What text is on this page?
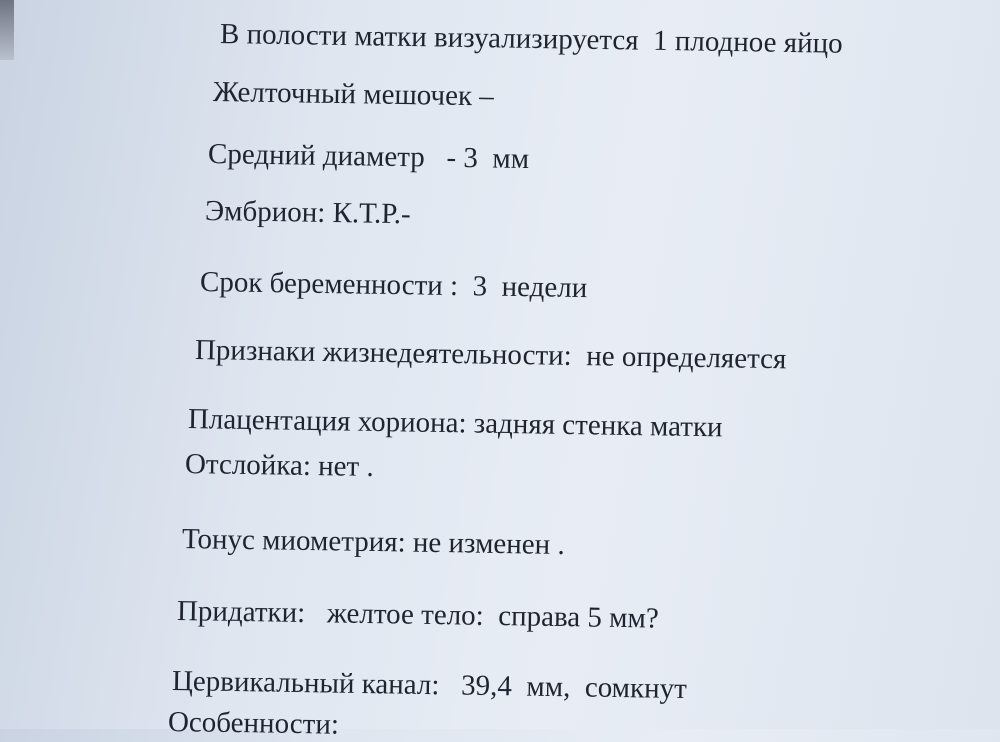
В полости матки визуализируется  1 плодное яйцо
Желточный мешочек –
Средний диаметр   - 3  мм
Эмбрион: К.Т.Р.-
Срок беременности :  3  недели
Признаки жизнедеятельности:  не определяется
Плацентация хориона: задняя стенка матки
Отслойка: нет .
Тонус миометрия: не изменен .
Придатки:   желтое тело:  справа 5 мм?
Цервикальный канал:   39,4  мм,  сомкнут
Особенности:
